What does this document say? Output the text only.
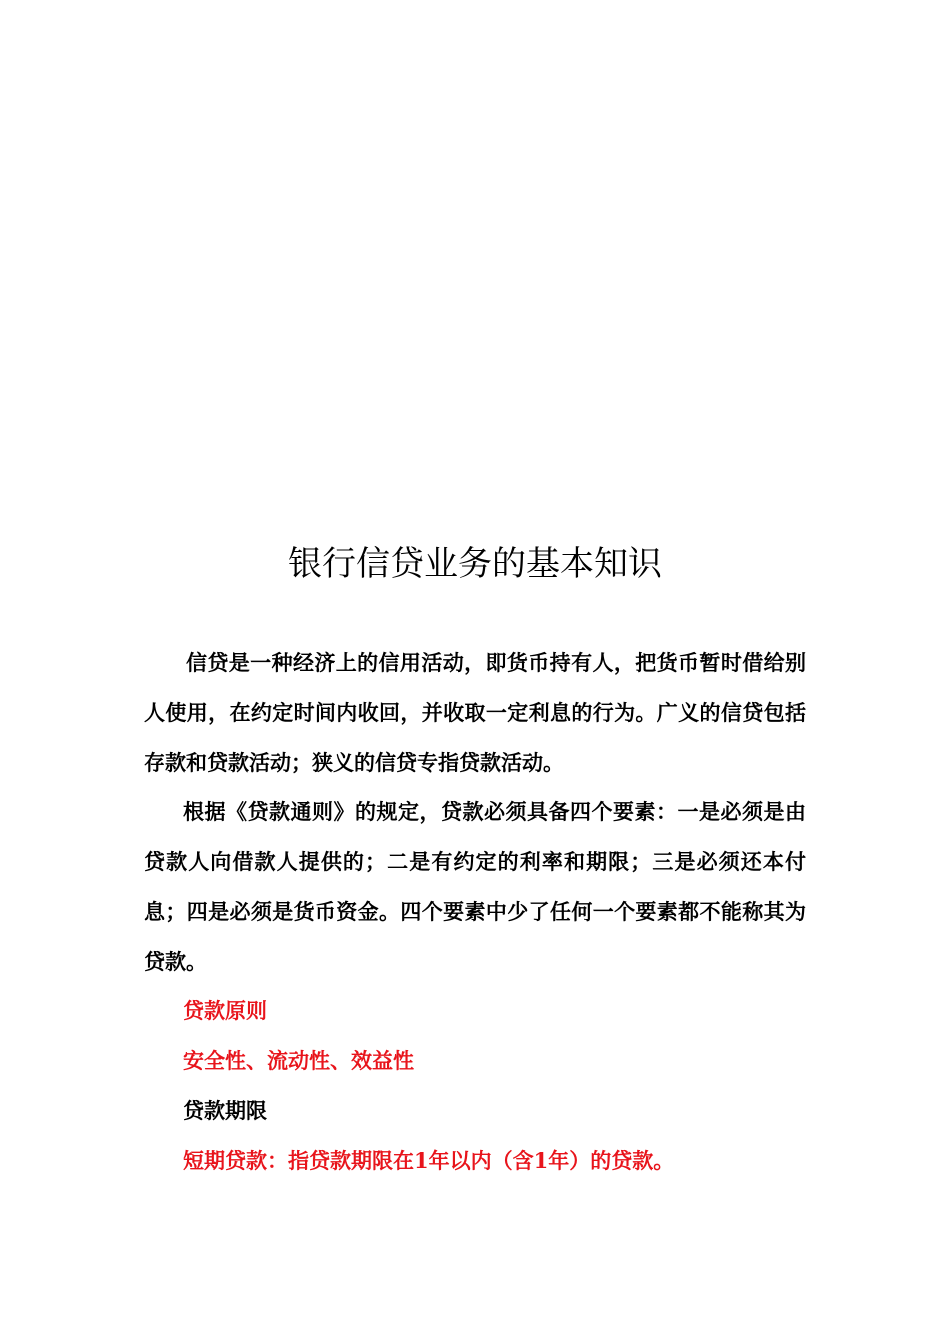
银行信贷业务的基本知识

信贷是一种经济上的信用活动，即货币持有人，把货币暂时借给别人使用，在约定时间内收回，并收取一定利息的行为。广义的信贷包括存款和贷款活动；狭义的信贷专指贷款活动。

根据《贷款通则》的规定，贷款必须具备四个要素：一是必须是由贷款人向借款人提供的；二是有约定的利率和期限；三是必须还本付息；四是必须是货币资金。四个要素中少了任何一个要素都不能称其为贷款。

贷款原则

安全性、流动性、效益性

贷款期限

短期贷款：指贷款期限在1年以内（含1年）的贷款。
